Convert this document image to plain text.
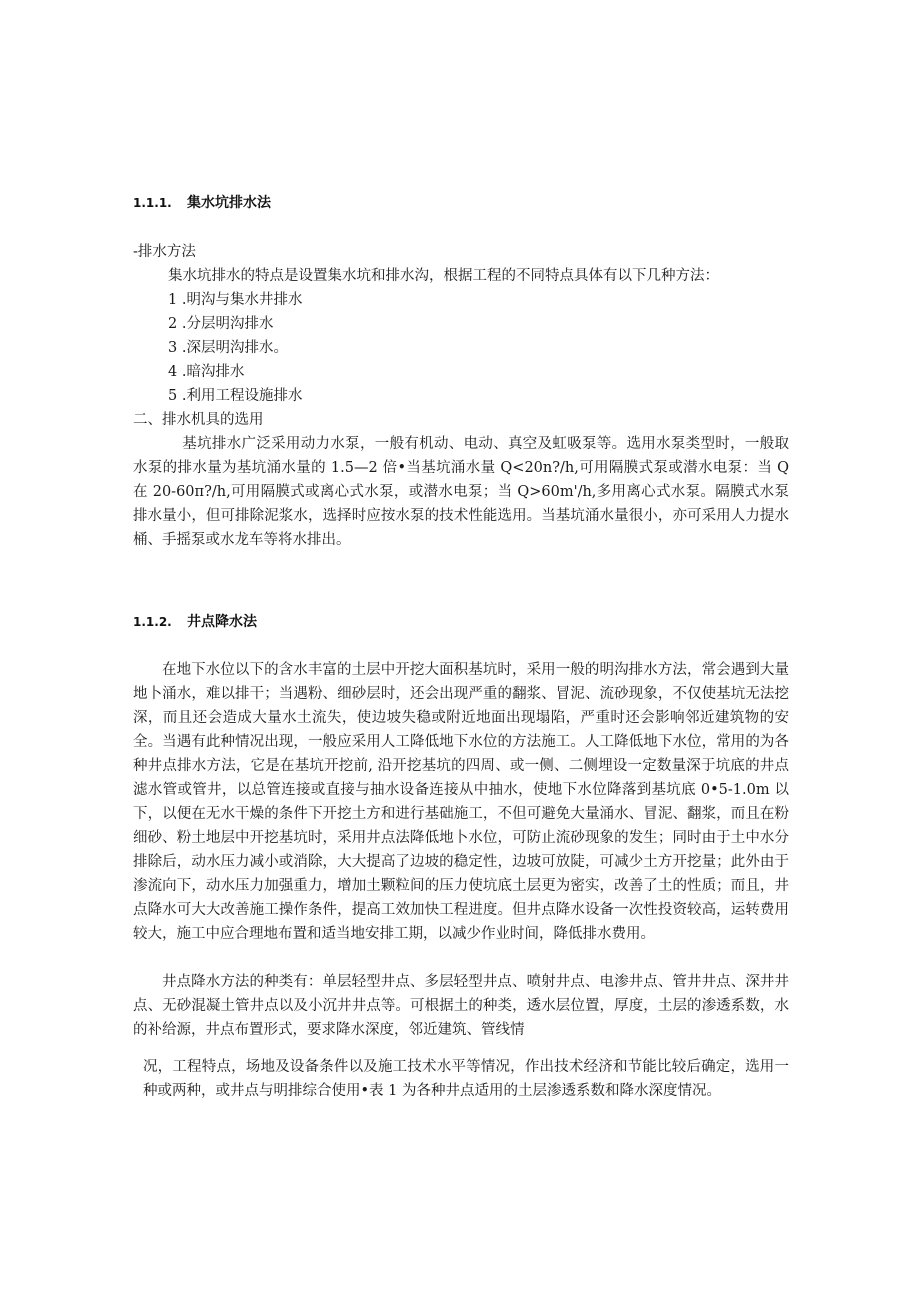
1.1.1. 集水坑排水法
-排水方法
集水坑排水的特点是设置集水坑和排水沟，根据工程的不同特点具体有以下几种方法：
1 .明沟与集水井排水
2 .分层明沟排水
3 .深层明沟排水。
4 .暗沟排水
5 .利用工程设施排水
二、排水机具的选用

基坑排水广泛采用动力水泵，一般有机动、电动、真空及虹吸泵等。选用水泵类型时，一般取水泵的排水量为基坑涌水量的 1.5—2 倍•当基坑涌水量 Q<20n?/h,可用隔膜式泵或潜水电泵：当 Q 在 20-60π?/h,可用隔膜式或离心式水泵，或潜水电泵；当 Q>60m'/h,多用离心式水泵。隔膜式水泵排水量小，但可排除泥浆水，选择时应按水泵的技术性能选用。当基坑涌水量很小，亦可采用人力提水桶、手摇泵或水龙车等将水排出。

1.1.2. 井点降水法

在地下水位以下的含水丰富的土层中开挖大面积基坑时，采用一般的明沟排水方法，常会遇到大量地卜涌水，难以排干；当遇粉、细砂层时，还会出现严重的翻浆、冒泥、流砂现象，不仅使基坑无法挖深，而且还会造成大量水土流失，使边坡失稳或附近地面出现塌陷，严重时还会影响邻近建筑物的安全。当遇有此种情况出现，一般应采用人工降低地下水位的方法施工。人工降低地下水位，常用的为各种井点排水方法，它是在基坑开挖前, 沿开挖基坑的四周、或一侧、二侧埋设一定数量深于坑底的井点滤水管或管井，以总管连接或直接与抽水设备连接从中抽水，使地下水位降落到基坑底 0•5-1.0m 以下，以便在无水干燥的条件下开挖土方和进行基础施工，不但可避免大量涌水、冒泥、翻浆，而且在粉细砂、粉土地层中开挖基坑时，采用井点法降低地卜水位，可防止流砂现象的发生；同时由于土中水分排除后，动水压力减小或消除，大大提高了边坡的稳定性，边坡可放陡，可减少土方开挖量；此外由于渗流向下，动水压力加强重力，增加土颗粒间的压力使坑底土层更为密实，改善了土的性质；而且，井点降水可大大改善施工操作条件，提高工效加快工程进度。但井点降水设备一次性投资较高，运转费用较大，施工中应合理地布置和适当地安排工期，以减少作业时间，降低排水费用。

井点降水方法的种类有：单层轻型井点、多层轻型井点、喷射井点、电渗井点、管井井点、深井井点、无砂混凝土管井点以及小沉井井点等。可根据土的种类，透水层位置，厚度，土层的渗透系数，水的补给源，井点布置形式，要求降水深度，邻近建筑、管线情

况，工程特点，场地及设备条件以及施工技术水平等情况，作出技术经济和节能比较后确定，选用一种或两种，或井点与明排综合使用•表 1 为各种井点适用的土层渗透系数和降水深度情况。
